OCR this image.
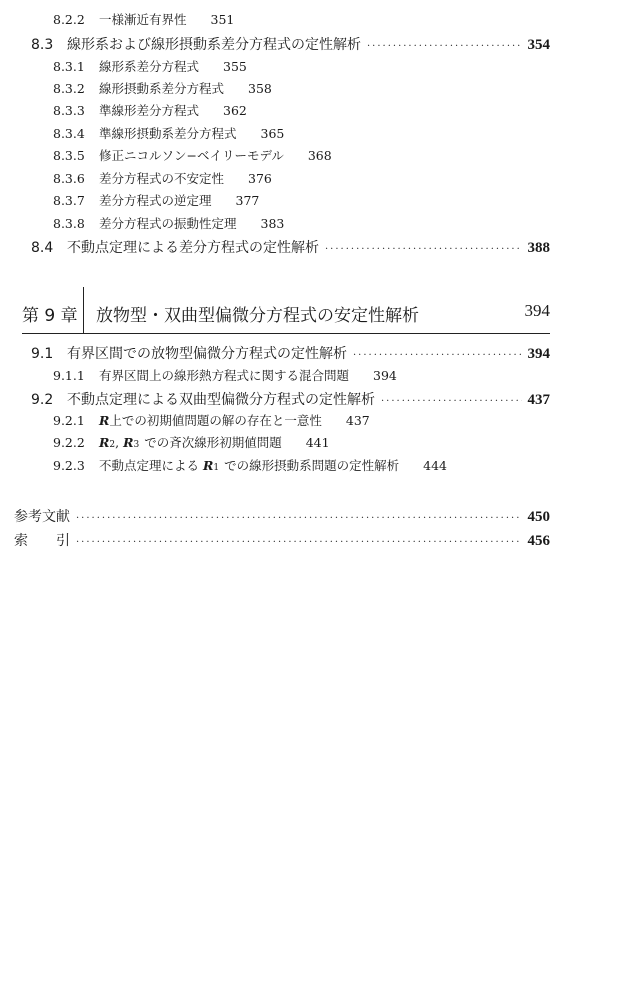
8.2.2	一様漸近有界性 351
8.3 線形系および線形摂動系差分方程式の定性解析 ·····	354
8.3.1	線形系差分方程式 355
8.3.2	線形摂動系差分方程式 358
8.3.3	準線形差分方程式 362
8.3.4	準線形摂動系差分方程式 365
8.3.5	修正ニコルソン−ベイリーモデル 368
8.3.6	差分方程式の不安定性 376
8.3.7	差分方程式の逆定理 377
8.3.8	差分方程式の振動性定理 383
8.4 不動点定理による差分方程式の定性解析 ·····	388
第 9 章 放物型・双曲型偏微分方程式の安定性解析	394
9.1 有界区間での放物型偏微分方程式の定性解析 ·····	394
9.1.1	有界区間上の線形熱方程式に関する混合問題 394
9.2 不動点定理による双曲型偏微分方程式の定性解析 ·····	437
9.2.1	R 上での初期値問題の解の存在と一意性 437
9.2.2	$R_2$ , $R_3$ での斉次線形初期値問題 441
9.2.3	不動点定理による $R_1$ での線形摂動系問題の定性解析 444
参考文献 ·····	450
索　　引 ·····	456
